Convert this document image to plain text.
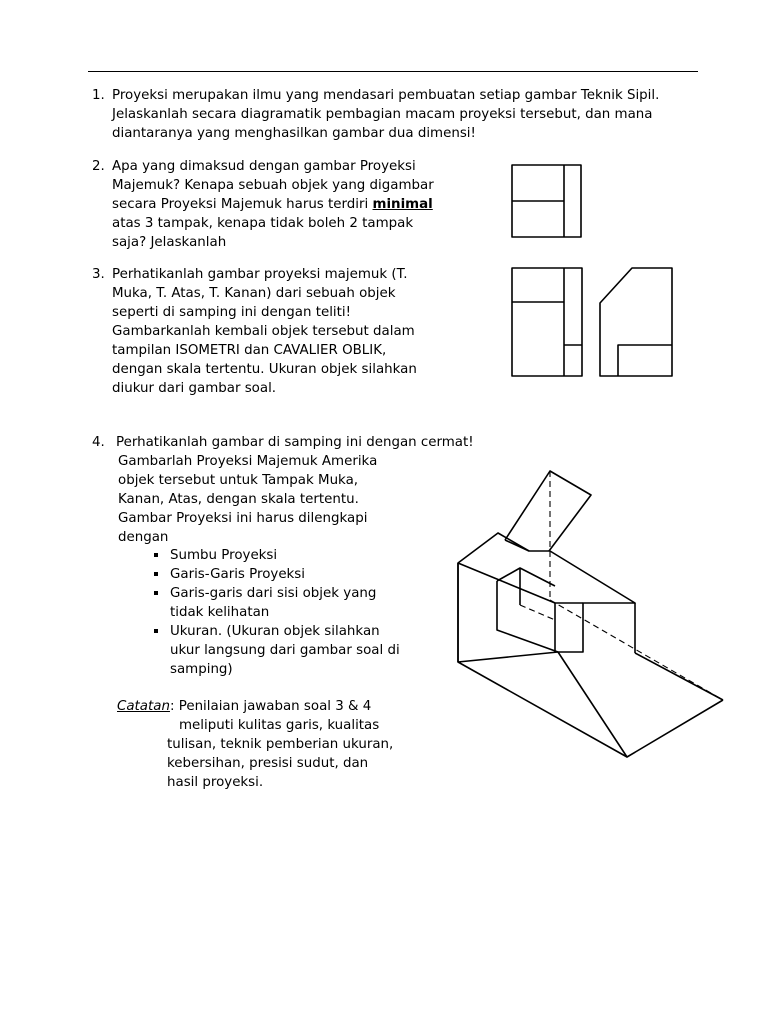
1. Proyeksi merupakan ilmu yang mendasari pembuatan setiap gambar Teknik Sipil.
Jelaskanlah secara diagramatik pembagian macam proyeksi tersebut, dan mana
diantaranya yang menghasilkan gambar dua dimensi!
2. Apa yang dimaksud dengan gambar Proyeksi
Majemuk? Kenapa sebuah objek yang digambar
secara Proyeksi Majemuk harus terdiri minimal
atas 3 tampak, kenapa tidak boleh 2 tampak
saja? Jelaskanlah
3. Perhatikanlah gambar proyeksi majemuk (T.
Muka, T. Atas, T. Kanan) dari sebuah objek
seperti di samping ini dengan teliti!
Gambarkanlah kembali objek tersebut dalam
tampilan ISOMETRI dan CAVALIER OBLIK,
dengan skala tertentu. Ukuran objek silahkan
diukur dari gambar soal.
4. Perhatikanlah gambar di samping ini dengan cermat!
Gambarlah Proyeksi Majemuk Amerika
objek tersebut untuk Tampak Muka,
Kanan, Atas, dengan skala tertentu.
Gambar Proyeksi ini harus dilengkapi
dengan
Sumbu Proyeksi
Garis-Garis Proyeksi
Garis-garis dari sisi objek yang
tidak kelihatan
Ukuran. (Ukuran objek silahkan
ukur langsung dari gambar soal di
samping)
Catatan: Penilaian jawaban soal 3 & 4
meliputi kulitas garis, kualitas
tulisan, teknik pemberian ukuran,
kebersihan, presisi sudut, dan
hasil proyeksi.
